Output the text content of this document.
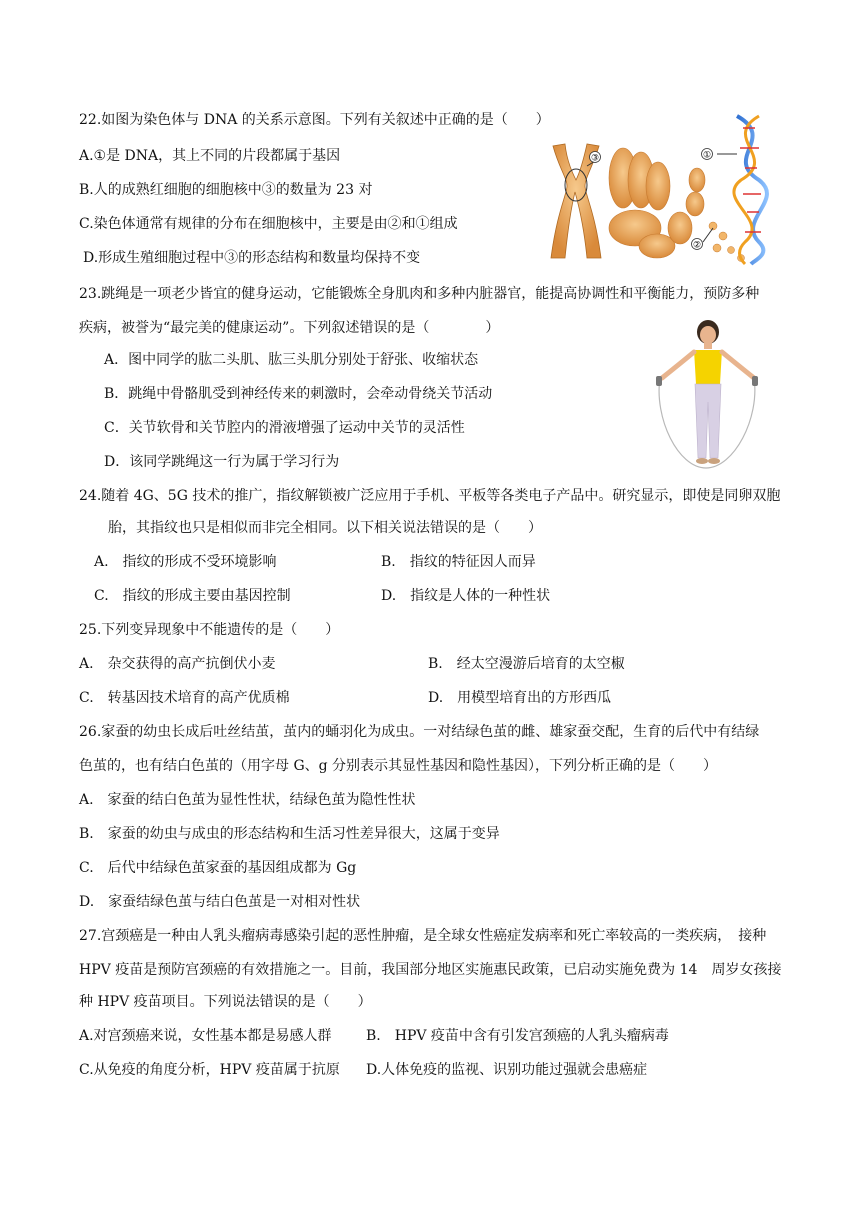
22.如图为染色体与 DNA 的关系示意图。下列有关叙述中正确的是（　　）
A.①是 DNA，其上不同的片段都属于基因
B.人的成熟红细胞的细胞核中③的数量为 23 对
C.染色体通常有规律的分布在细胞核中，主要是由②和①组成
D.形成生殖细胞过程中③的形态结构和数量均保持不变
③	①
②
23.跳绳是一项老少皆宜的健身运动，它能锻炼全身肌肉和多种内脏器官，能提高协调性和平衡能力，预防多种
疾病，被誉为“最完美的健康运动”。下列叙述错误的是（　　　　）
A．图中同学的肱二头肌、肱三头肌分别处于舒张、收缩状态
B．跳绳中骨骼肌受到神经传来的刺激时，会牵动骨绕关节活动
C．关节软骨和关节腔内的滑液增强了运动中关节的灵活性
D．该同学跳绳这一行为属于学习行为
24.随着 4G、5G 技术的推广，指纹解锁被广泛应用于手机、平板等各类电子产品中。研究显示，即使是同卵双胞
胎，其指纹也只是相似而非完全相同。以下相关说法错误的是（　　）
A.　指纹的形成不受环境影响	B.　指纹的特征因人而异
C.　指纹的形成主要由基因控制	D.　指纹是人体的一种性状
25.下列变异现象中不能遗传的是（　　）
A.　杂交获得的高产抗倒伏小麦	B.　经太空漫游后培育的太空椒
C.　转基因技术培育的高产优质棉	D.　用模型培育出的方形西瓜
26.家蚕的幼虫长成后吐丝结茧，茧内的蛹羽化为成虫。一对结绿色茧的雌、雄家蚕交配，生育的后代中有结绿
色茧的，也有结白色茧的（用字母 G、g 分别表示其显性基因和隐性基因），下列分析正确的是（　　）
A.　家蚕的结白色茧为显性性状，结绿色茧为隐性性状
B.　家蚕的幼虫与成虫的形态结构和生活习性差异很大，这属于变异
C.　后代中结绿色茧家蚕的基因组成都为 Gg
D.　家蚕结绿色茧与结白色茧是一对相对性状
27.宫颈癌是一种由人乳头瘤病毒感染引起的恶性肿瘤，是全球女性癌症发病率和死亡率较高的一类疾病，　接种
HPV 疫苗是预防宫颈癌的有效措施之一。目前，我国部分地区实施惠民政策，已启动实施免费为 14　周岁女孩接
种 HPV 疫苗项目。下列说法错误的是（　　）
A.对宫颈癌来说，女性基本都是易感人群 B.　HPV 疫苗中含有引发宫颈癌的人乳头瘤病毒
C.从免疫的角度分析，HPV 疫苗属于抗原 D.人体免疫的监视、识别功能过强就会患癌症
